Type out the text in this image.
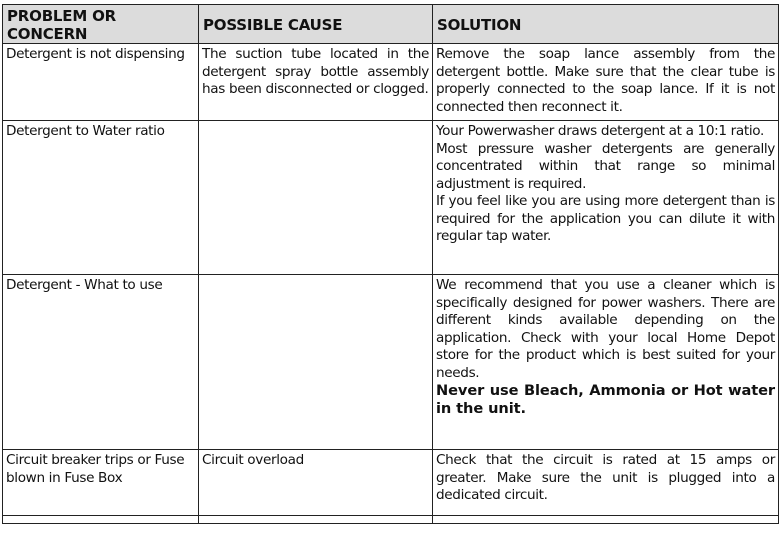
PROBLEM OR CONCERN	POSSIBLE CAUSE	SOLUTION
Detergent is not dispensing	The suction tube located in the detergent spray bottle assembly has been disconnected or clogged.	Remove the soap lance assembly from the detergent bottle. Make sure that the clear tube is properly connected to the soap lance. If it is not connected then reconnect it.
Detergent to Water ratio		Your Powerwasher draws detergent at a 10:1 ratio.
Most pressure washer detergents are generally concentrated within that range so minimal adjustment is required.
If you feel like you are using more detergent than is required for the application you can dilute it with regular tap water.

Detergent - What to use		We recommend that you use a cleaner which is specifically designed for power washers. There are different kinds available depending on the application. Check with your local Home Depot store for the product which is best suited for your needs.
Never use Bleach, Ammonia or Hot water in the unit.

Circuit breaker trips or Fuse blown in Fuse Box	Circuit overload	Check that the circuit is rated at 15 amps or greater. Make sure the unit is plugged into a dedicated circuit.
